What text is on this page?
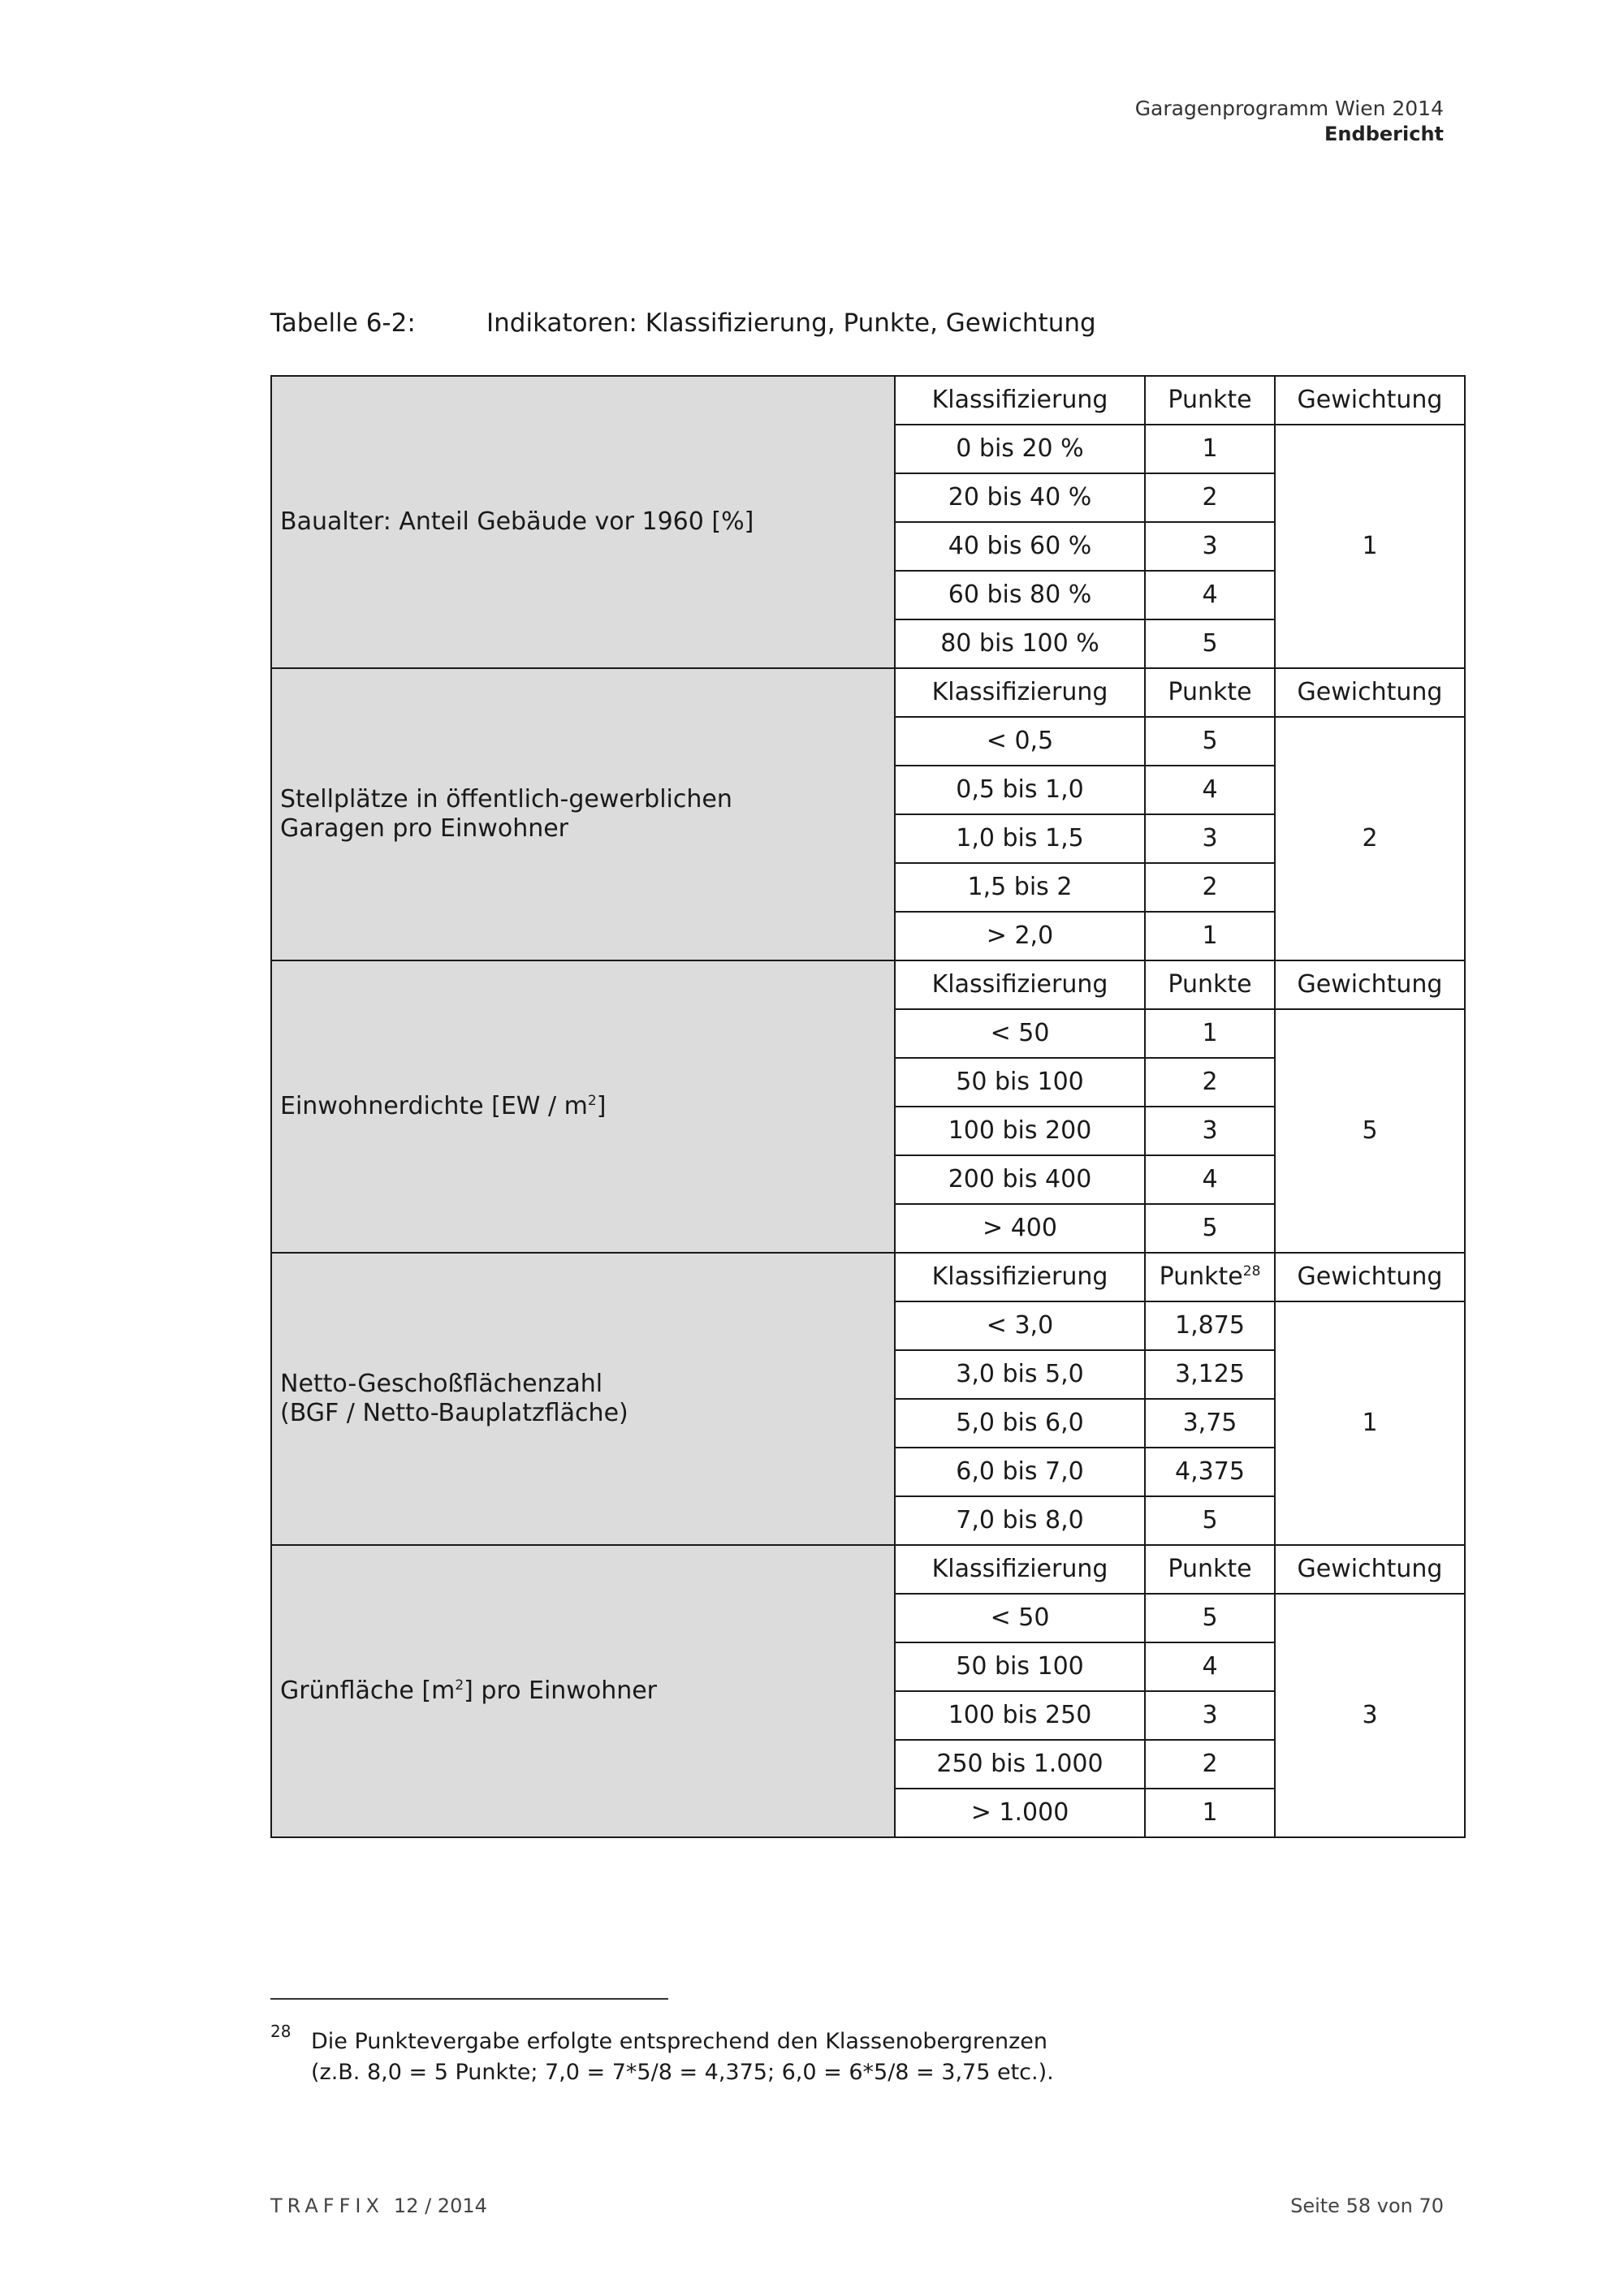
Garagenprogramm Wien 2014
Endbericht
Tabelle 6-2:	Indikatoren: Klassifizierung, Punkte, Gewichtung
Baualter: Anteil Gebäude vor 1960 [%]	Klassifizierung	Punkte	Gewichtung
	0 bis 20 %	1	1
	20 bis 40 %	2	
	40 bis 60 %	3	
	60 bis 80 %	4	
	80 bis 100 %	5	

Stellplätze in öffentlich-gewerblichen
Garagen pro Einwohner	Klassifizierung	Punkte	Gewichtung
	< 0,5	5	2
	0,5 bis 1,0	4	
	1,0 bis 1,5	3	
	1,5 bis 2	2	
	> 2,0	1	

Einwohnerdichte $[EW / m^2]$	Klassifizierung	Punkte	Gewichtung
	< 50	1	5
	50 bis 100	2	
	100 bis 200	3	
	200 bis 400	4	
	> 400	5	

Netto-Geschoßflächenzahl
(BGF / Netto-Bauplatzfläche)	Klassifizierung	Punkte$^{28}$	Gewichtung
	< 3,0	1,875	1
	3,0 bis 5,0	3,125	
	5,0 bis 6,0	3,75	
	6,0 bis 7,0	4,375	
	7,0 bis 8,0	5	

Grünfläche $[m^2]$ pro Einwohner	Klassifizierung	Punkte	Gewichtung
	< 50	5	3
	50 bis 100	4	
	100 bis 250	3	
	250 bis 1.000	2	
	> 1.000	1	
28 Die Punktevergabe erfolgte entsprechend den Klassenobergrenzen
(z.B. 8,0 = 5 Punkte; 7,0 = 7*5/8 = 4,375; 6,0 = 6*5/8 = 3,75 etc.).
TRAFFIX 12 / 2014	Seite 58 von 70
